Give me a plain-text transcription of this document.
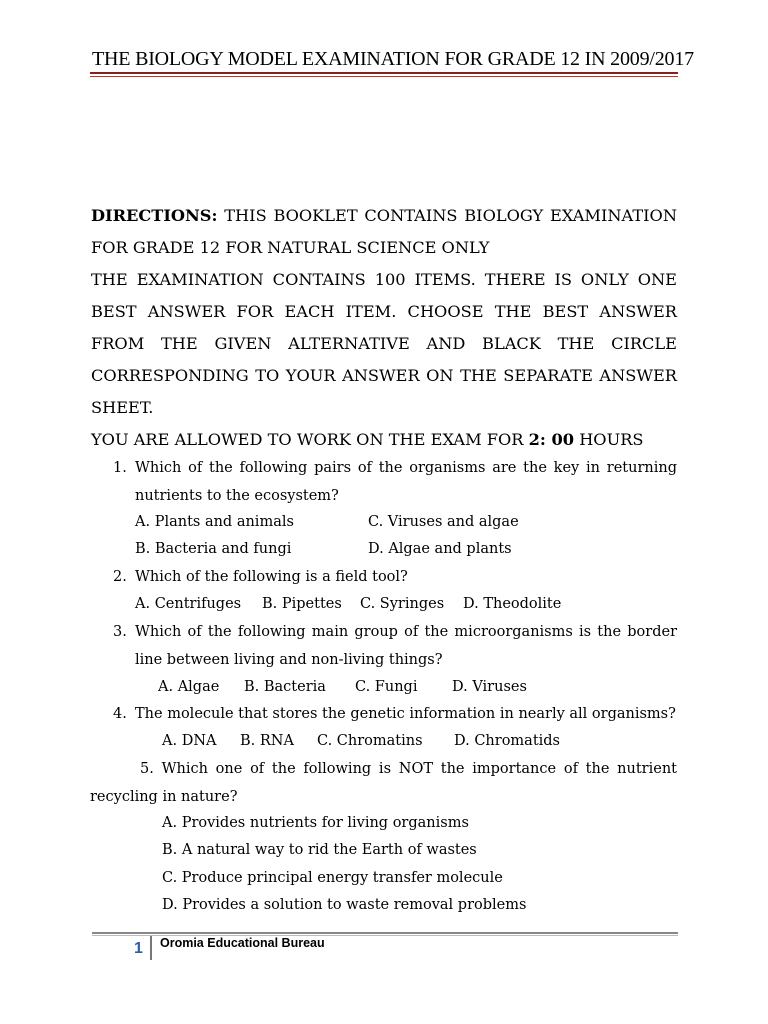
THE BIOLOGY MODEL EXAMINATION FOR GRADE 12 IN 2009/2017

DIRECTIONS: THIS BOOKLET CONTAINS BIOLOGY EXAMINATION FOR GRADE 12 FOR NATURAL SCIENCE ONLY

THE EXAMINATION CONTAINS 100 ITEMS. THERE IS ONLY ONE BEST ANSWER FOR EACH ITEM. CHOOSE THE BEST ANSWER FROM THE GIVEN ALTERNATIVE AND BLACK THE CIRCLE CORRESPONDING TO YOUR ANSWER ON THE SEPARATE ANSWER SHEET.

YOU ARE ALLOWED TO WORK ON THE EXAM FOR 2: 00 HOURS

1. Which of the following pairs of the organisms are the key in returning nutrients to the ecosystem?
A. Plants and animals	C. Viruses and algae
B. Bacteria and fungi	D. Algae and plants
2. Which of the following is a field tool?
A. Centrifuges B. Pipettes C. Syringes D. Theodolite
3. Which of the following main group of the microorganisms is the border line between living and non-living things?
A. Algae B. Bacteria C. Fungi D. Viruses
4. The molecule that stores the genetic information in nearly all organisms?
A. DNA B. RNA C. Chromatins D. Chromatids
5. Which one of the following is NOT the importance of the nutrient recycling in nature?
A. Provides nutrients for living organisms
B. A natural way to rid the Earth of wastes
C. Produce principal energy transfer molecule
D. Provides a solution to waste removal problems
1 Oromia Educational Bureau
